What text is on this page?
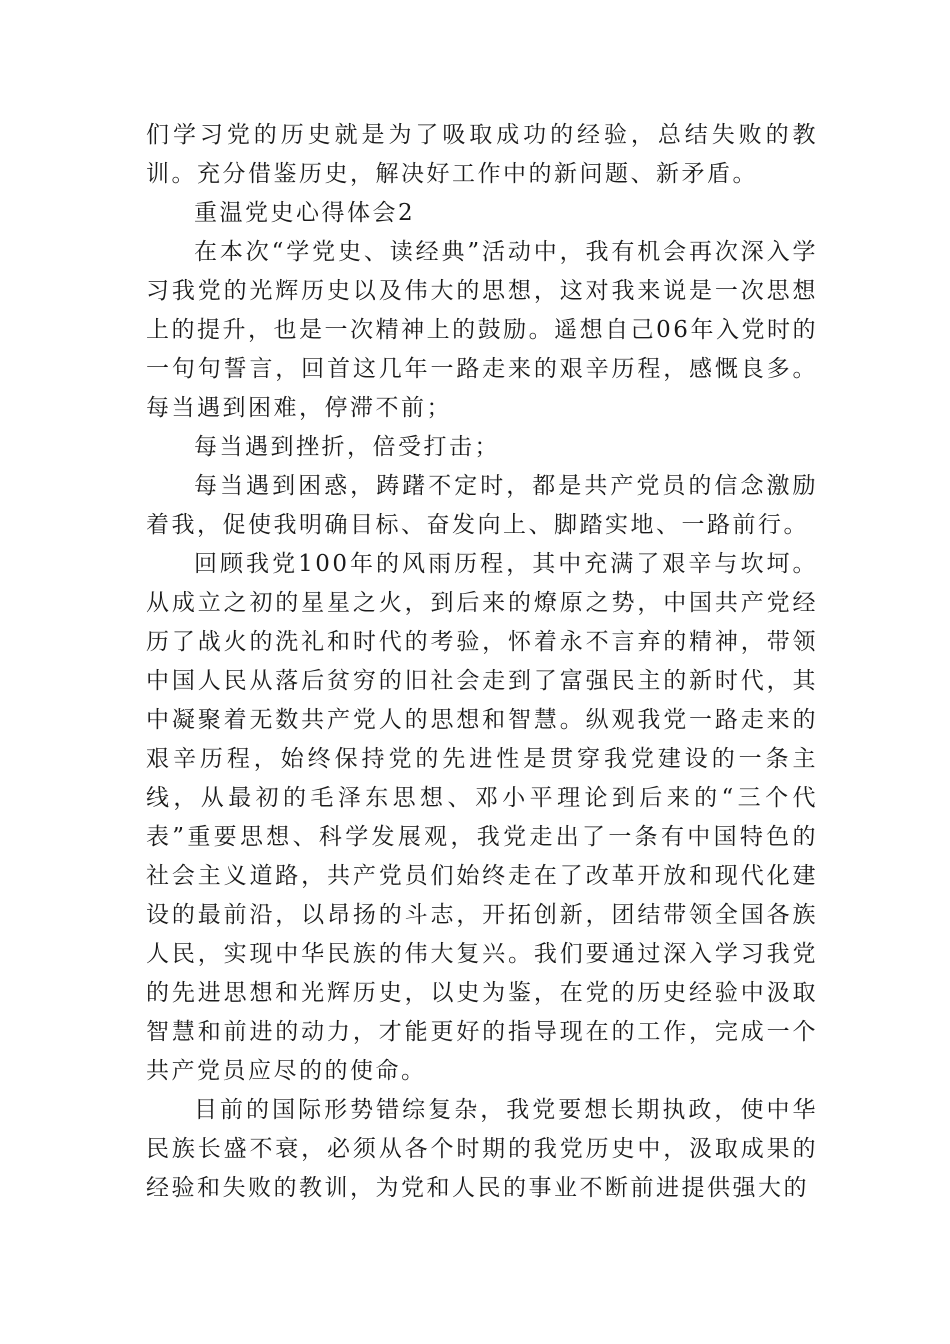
们学习党的历史就是为了吸取成功的经验，总结失败的教训。充分借鉴历史，解决好工作中的新问题、新矛盾。

重温党史心得体会2

在本次“学党史、读经典”活动中，我有机会再次深入学习我党的光辉历史以及伟大的思想，这对我来说是一次思想上的提升，也是一次精神上的鼓励。遥想自己06年入党时的一句句誓言，回首这几年一路走来的艰辛历程，感慨良多。每当遇到困难，停滞不前；

每当遇到挫折，倍受打击；

每当遇到困惑，踌躇不定时，都是共产党员的信念激励着我，促使我明确目标、奋发向上、脚踏实地、一路前行。

回顾我党100年的风雨历程，其中充满了艰辛与坎坷。从成立之初的星星之火，到后来的燎原之势，中国共产党经历了战火的洗礼和时代的考验，怀着永不言弃的精神，带领中国人民从落后贫穷的旧社会走到了富强民主的新时代，其中凝聚着无数共产党人的思想和智慧。纵观我党一路走来的艰辛历程，始终保持党的先进性是贯穿我党建设的一条主线，从最初的毛泽东思想、邓小平理论到后来的“三个代表”重要思想、科学发展观，我党走出了一条有中国特色的社会主义道路，共产党员们始终走在了改革开放和现代化建设的最前沿，以昂扬的斗志，开拓创新，团结带领全国各族人民，实现中华民族的伟大复兴。我们要通过深入学习我党的先进思想和光辉历史，以史为鉴，在党的历史经验中汲取智慧和前进的动力，才能更好的指导现在的工作，完成一个共产党员应尽的的使命。

目前的国际形势错综复杂，我党要想长期执政，使中华民族长盛不衰，必须从各个时期的我党历史中，汲取成果的经验和失败的教训，为党和人民的事业不断前进提供强大的
